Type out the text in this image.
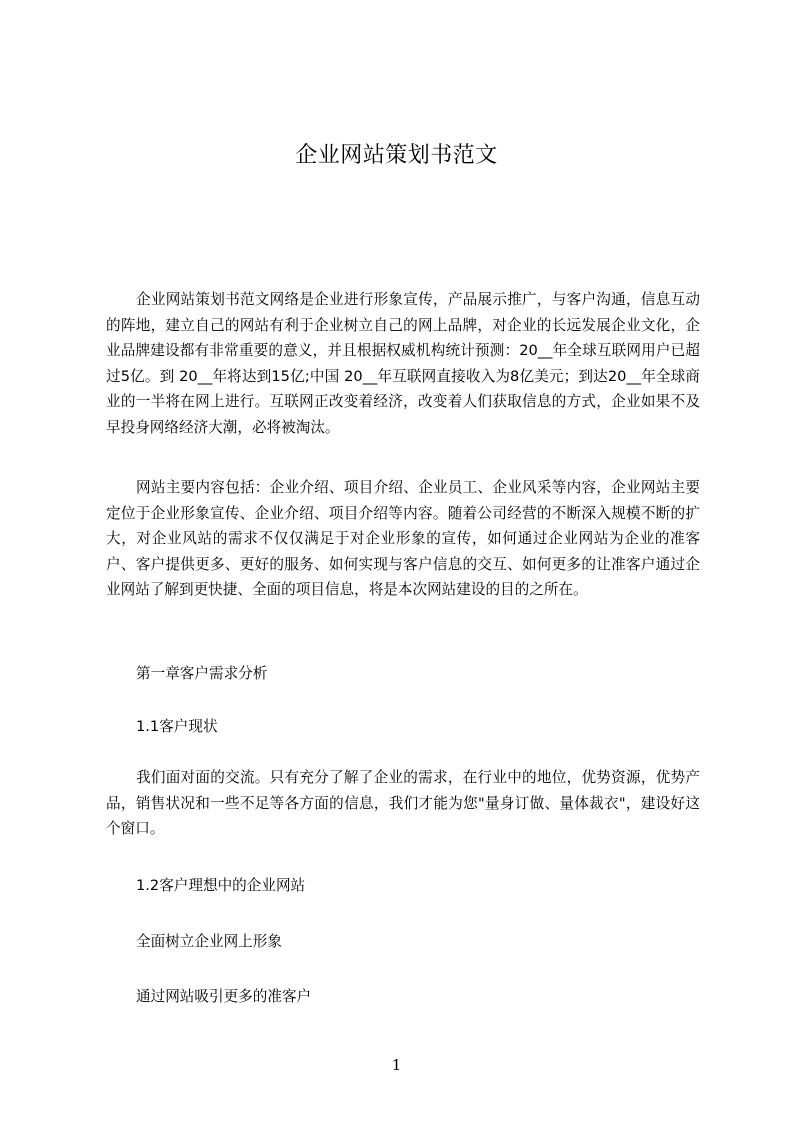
企业网站策划书范文

企业网站策划书范文网络是企业进行形象宣传，产品展示推广，与客户沟通，信息互动的阵地，建立自己的网站有利于企业树立自己的网上品牌，对企业的长远发展企业文化，企业品牌建设都有非常重要的意义，并且根据权威机构统计预测：20__年全球互联网用户已超过5亿。到 20__年将达到15亿;中国 20__年互联网直接收入为8亿美元；到达20__年全球商业的一半将在网上进行。互联网正改变着经济，改变着人们获取信息的方式，企业如果不及早投身网络经济大潮，必将被淘汰。

网站主要内容包括：企业介绍、项目介绍、企业员工、企业风采等内容，企业网站主要定位于企业形象宣传、企业介绍、项目介绍等内容。随着公司经营的不断深入规模不断的扩大，对企业风站的需求不仅仅满足于对企业形象的宣传，如何通过企业网站为企业的准客户、客户提供更多、更好的服务、如何实现与客户信息的交互、如何更多的让准客户通过企业网站了解到更快捷、全面的项目信息，将是本次网站建设的目的之所在。

第一章客户需求分析

1.1客户现状

我们面对面的交流。只有充分了解了企业的需求，在行业中的地位，优势资源，优势产品，销售状况和一些不足等各方面的信息，我们才能为您"量身订做、量体裁衣"，建设好这个窗口。

1.2客户理想中的企业网站

全面树立企业网上形象

通过网站吸引更多的准客户

1
